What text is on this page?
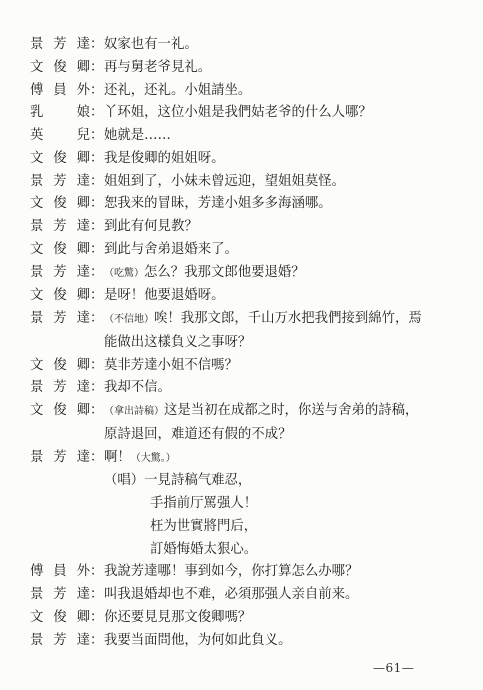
景芳達 ： 奴家也有一礼。
文俊卿 ： 再与舅老爷見礼。
傅員外 ： 还礼，还礼。小姐請坐。
乳娘 ： 丫环姐，这位小姐是我們姑老爷的什么人哪？
英兒 ： 她就是……
文俊卿 ： 我是俊卿的姐姐呀。
景芳達 ： 姐姐到了，小妹未曾远迎，望姐姐莫怪。
文俊卿 ： 恕我来的冒昧，芳達小姐多多海涵哪。
景芳達 ： 到此有何見教？
文俊卿 ： 到此与舍弟退婚来了。
景芳達 ： （吃驚）怎么？我那文郎他要退婚？
文俊卿 ： 是呀！他要退婚呀。
景芳達 ： （不信地）唉！我那文郎，千山万水把我們接到綿竹，焉
能做出这樣負义之事呀？
文俊卿 ： 莫非芳達小姐不信嗎？
景芳達 ： 我却不信。
文俊卿 ： （拿出詩稿）这是当初在成都之时，你送与舍弟的詩稿，
原詩退回，难道还有假的不成？
景芳達 ： 啊！（大驚。）
（唱） 一見詩稿气难忍，
手指前厅罵强人！
枉为世實將門后，
訂婚悔婚太狠心。
傅員外 ： 我說芳達哪！事到如今，你打算怎么办哪？
景芳達 ： 叫我退婚却也不难，必須那强人亲自前来。
文俊卿 ： 你还要見見那文俊卿嗎？
景芳達 ： 我要当面問他，为何如此負义。
—61—
